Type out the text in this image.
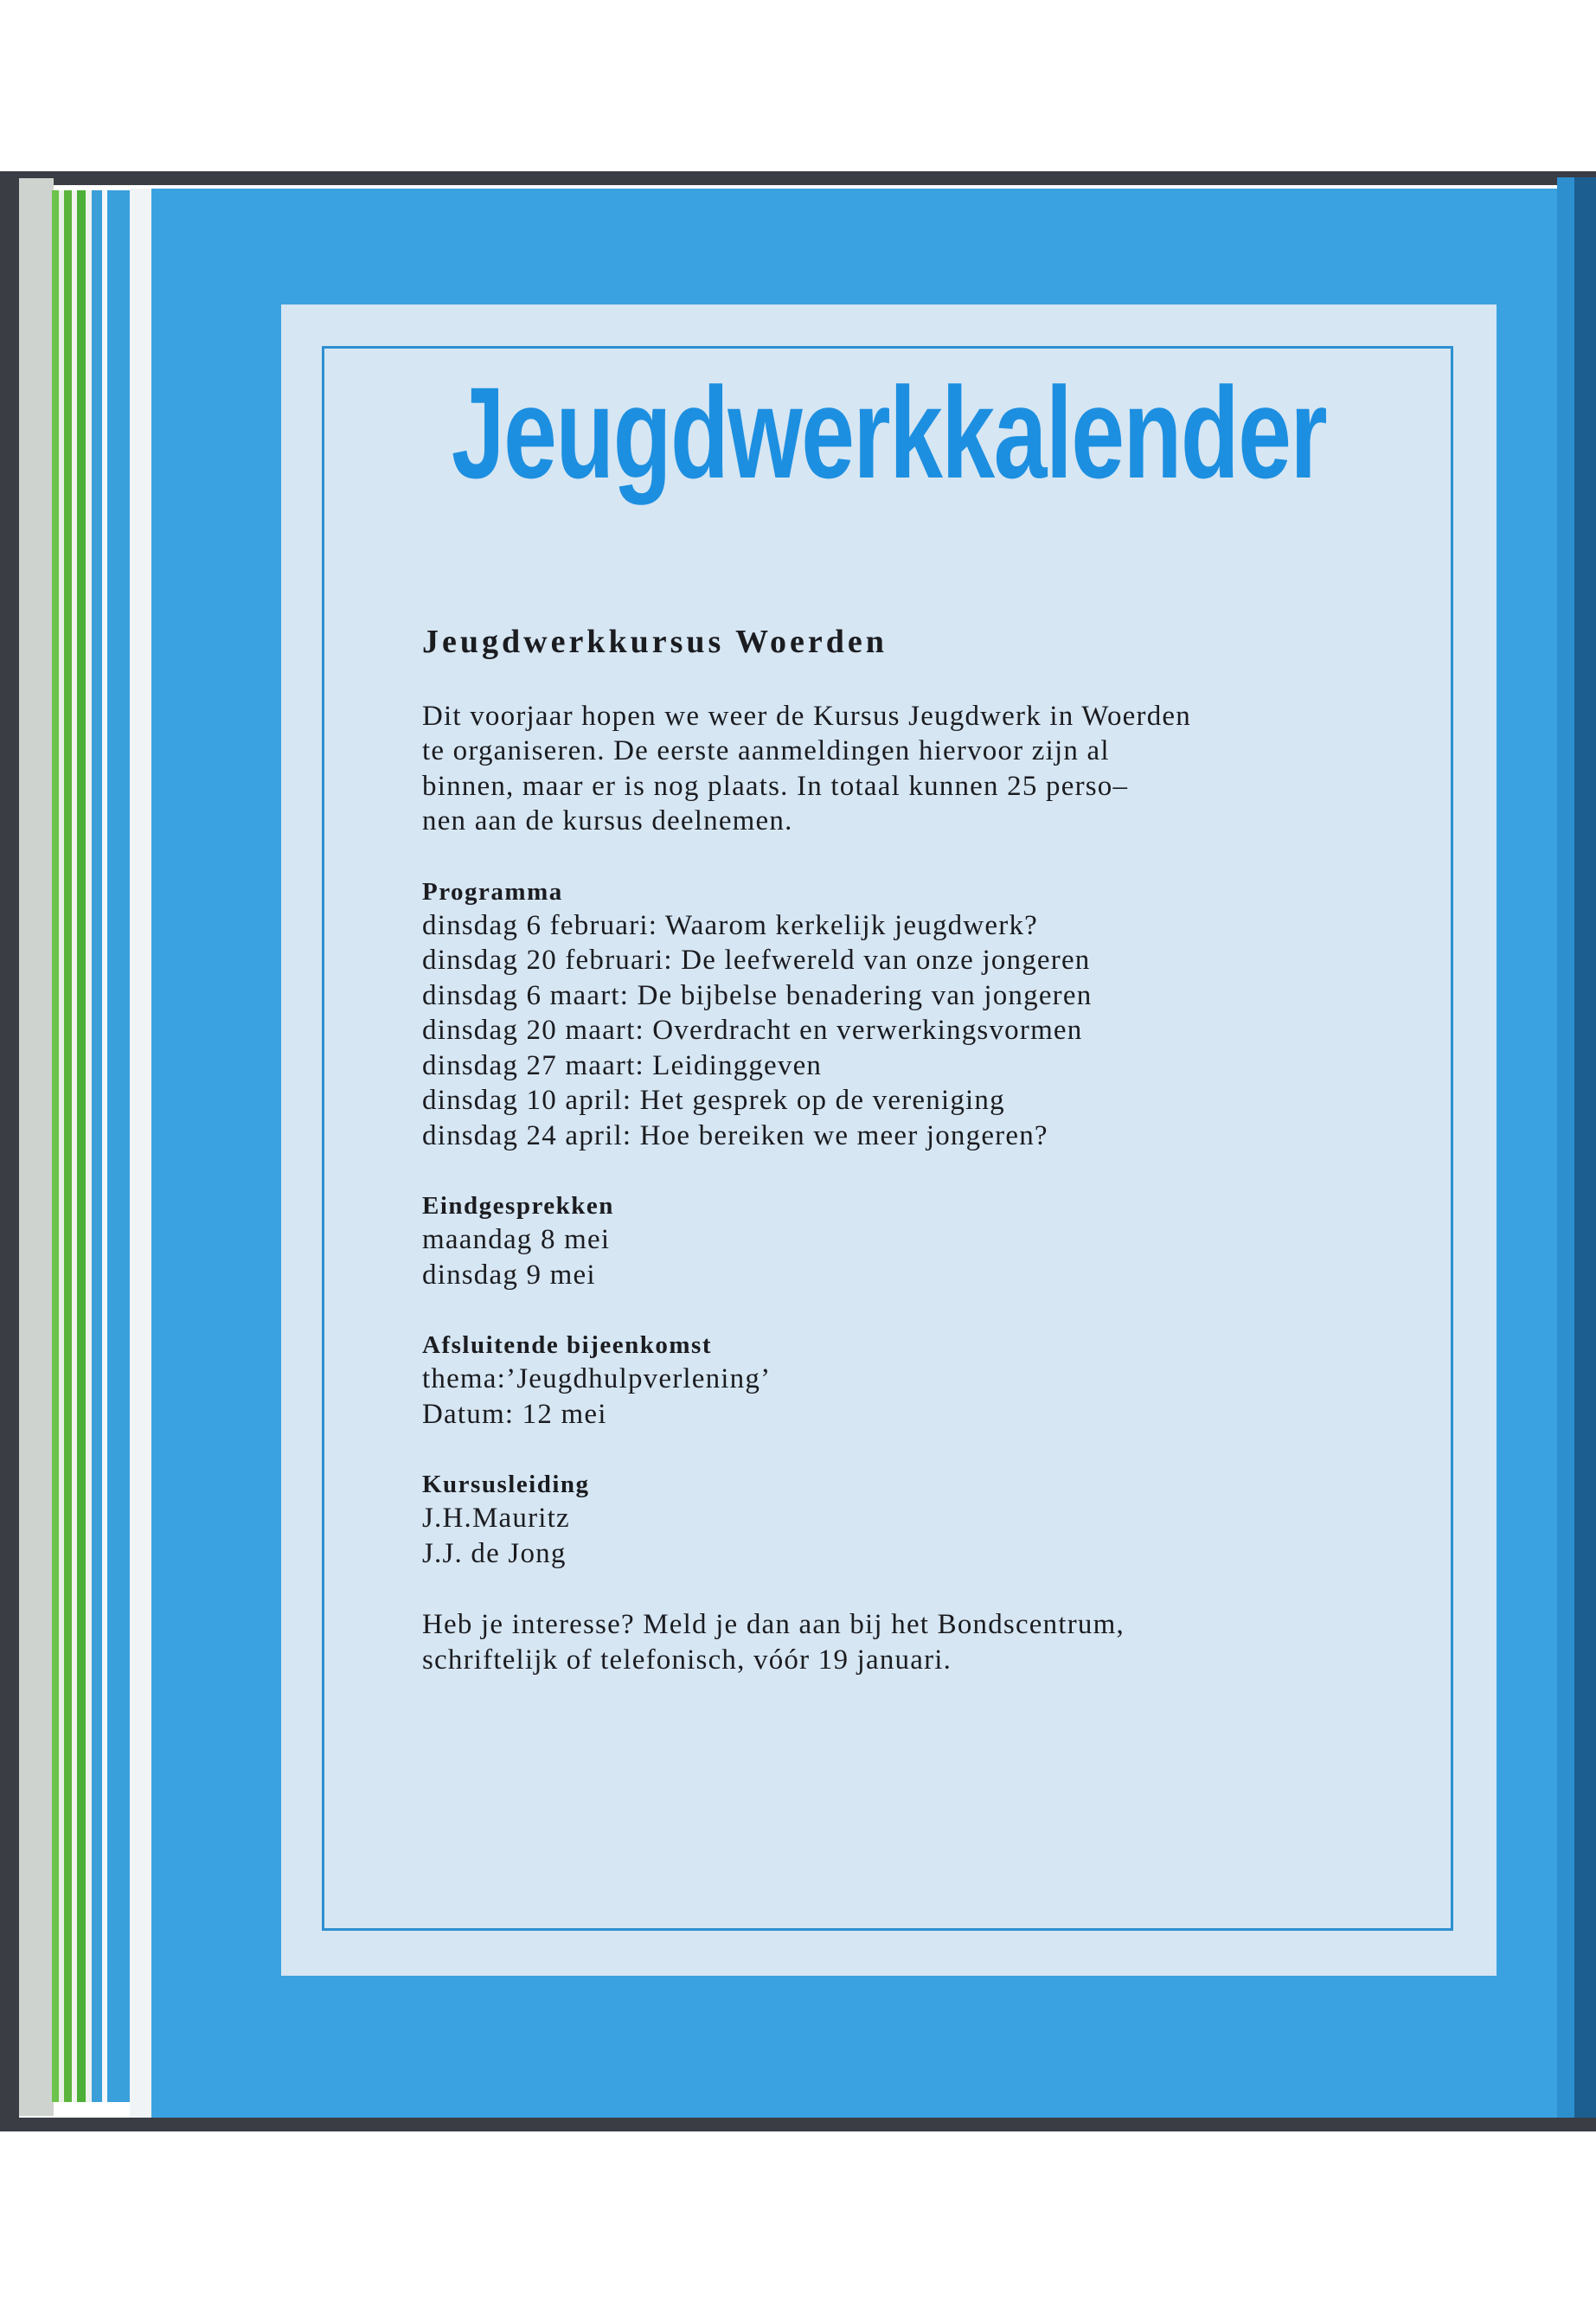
Jeugdwerkkalender
Jeugdwerkkursus Woerden

Dit voorjaar hopen we weer de Kursus Jeugdwerk in Woerden
te organiseren. De eerste aanmeldingen hiervoor zijn al
binnen, maar er is nog plaats. In totaal kunnen 25 perso–
nen aan de kursus deelnemen.

Programma
dinsdag 6 februari: Waarom kerkelijk jeugdwerk?
dinsdag 20 februari: De leefwereld van onze jongeren
dinsdag 6 maart: De bijbelse benadering van jongeren
dinsdag 20 maart: Overdracht en verwerkingsvormen
dinsdag 27 maart: Leidinggeven
dinsdag 10 april: Het gesprek op de vereniging
dinsdag 24 april: Hoe bereiken we meer jongeren?
Eindgesprekken
maandag 8 mei
dinsdag 9 mei
Afsluitende bijeenkomst
thema:’Jeugdhulpverlening’
Datum: 12 mei
Kursusleiding
J.H.Mauritz
J.J. de Jong

Heb je interesse? Meld je dan aan bij het Bondscentrum,
schriftelijk of telefonisch, vóór 19 januari.
